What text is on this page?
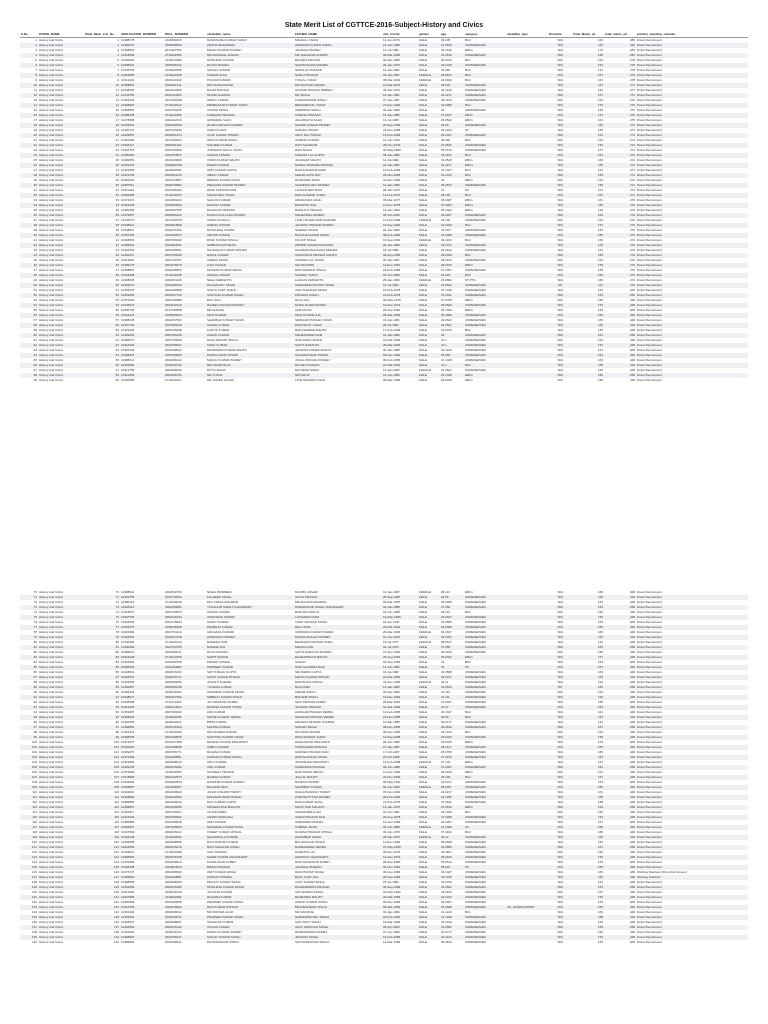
State Merit List of CGTTCE-2016-Subject-History and Civics
S.No	PAPER_NAME	State_Merit_List_No	APPLICATION_NUMBER	ROLL_NUMBER	candidate_name	FATHER_NAME	dob_format	gender	age	category	disability_type	Domicile	Total_Marks_p1	total_marks_p2	primary_teaching_remarks
1	History and Civics	1	10388778	2116030218	RAMASHISH KUMAR YADAV	MAHALLI YADAV	11-Jun-1979	MALE	36.205	BC2		YES	154	286	Direct Recruitment
2	History and Civics	2	10390037	2008188633	PRATIK BHARDWAJ	UPENDRA KUMAR SINGH	16-Jun-1988	MALE	27.6616	UNRESERVED		YES	162	282	Direct Recruitment
3	History and Civics	3	10398862	2014307553	MANOJ KUMAR PANDEY	JAGDISH PANDEY	12-Jul-1982	MALE	33.1616	EBC1		YES	176	282	Direct Recruitment
4	History and Civics	4	10318658	2711022958	MD MANSAAL ANSARI	MD JAHANGIR ANSARI	08-Mar-1986	MALE	25.2616	UNRESERVED		YES	150	282	Direct Recruitment
5	History and Civics	5	10305003	2116010286	MITHLESH KUMAR	BALDEO PRASAD	04-Jan-1985	MALE	30.5224	BC1		YES	154	278	Direct Recruitment
6	History and Civics	6	10388431	2009308133	RAJAN MISHRA	SHATRUGHNA MISHRA	26-Jan-1979	MALE	29.1316	UNRESERVED		YES	152	278	Direct Recruitment
7	History and Civics	7	10345769	2116020358	SANJAY KUMAR	NANDLAL PRASAD	12-Jan-1981	MALE	34.062	BC2		YES	137	278	Direct Recruitment
8	History and Civics	8	10323889	2116020348	KUMARI ALKA	SURAJ PRASAD	25-Jan-1987	FEMALE	28.0617	BC2		YES	157	278	Direct Recruitment
9	History and Civics	9	10311324	2003210432	PUNAM KUMARI	TUKLAL YADAV	08-Mar-1991	FEMALE	24.0923	BC2		YES	151	278	Direct Recruitment
10	History and Civics	10	10358851	2002601141	MD NAJIM AHMAD	MD MAKSUD AHMAD	18-Mar-1976	MALE	38.033	UNRESERVED		YES	164	277	Direct Recruitment
11	History and Civics	11	10348283	2003210453	RAJAT RANJAN	GOVIND PRASAD DERNEY	30-Jan-1979	MALE	33.1126	UNRESERVED		YES	152	277	Direct Recruitment
12	History and Civics	12	10143783	2002703460	MUNIR AHAMAD	MD SINGH	16-Jan-1981	MALE	34.0217	UNRESERVED		YES	157	276	Direct Recruitment
13	History and Civics	13	10303345	2017026238	ABHAY KUMAR	KAMLESHWAR SINGH	07-Jan-1987	MALE	33.1125	UNRESERVED		YES	163	276	Direct Recruitment
14	History and Civics	14	10398351	2711022010	PRABHAKAR KUMAR YADAV	BRAHMDAYAL YADAV	27-Dec-1982	MALE	33.0095	BC2		YES	154	276	Direct Recruitment
15	History and Civics	15	10398653	2002703245	VIKASH SINGH	VIRENDRA SINGH	31-Jan-1983	MALE	33	UNRESERVED		YES	159	276	Direct Recruitment
16	History and Civics	16	10386308	2711020355	KAMLESH PRASAD	SURESH PRASAD	15-Jan-1986	MALE	27.0317	EBC1		YES	137	276	Direct Recruitment
17	History and Civics	17	10278985	2002102019	AWDHESH SAHU	JAGANNATH SAHU	13-Jul-1989	MALE	26.0522	EBC1		YES	161	275	Direct Recruitment
18	History and Civics	18	10339524	2002925549	RAJIEV RANJAN PANDEY	SHASHI KUMAR PANDEY	05-Sep-1982	MALE	33.05	UNRESERVED		YES	159	274	Direct Recruitment
19	History and Civics	19	10300727	2007026938	AMAN KUJUR	SUDHIR ORAON	23-Dec-1986	MALE	29.1224	ST		YES	155	274	Direct Recruitment
20	History and Civics	20	10329657	2008261974	ALOK KUMAR TIWARY	UDAY RAJ TIWARI	13-Feb-1989	MALE	26.1017	UNRESERVED		YES	154	274	Direct Recruitment
21	History and Civics	21	10362366	2017026224	ARUN KUMAR SINGH	GOBIND SUSHILI	13-Jun-1979	MALE	36.062	BC2		YES	164	273	Direct Recruitment
22	History and Civics	22	10306117	2002001021	SANJEEV KUMAR	RAVI SHANKAR	28-Nov-1979	MALE	37.0812	UNRESERVED		YES	156	272	Direct Recruitment
23	History and Civics	23	10302715	2007026950	JITENDRA SINGH YADAV	RAM SINGH	30-May-1980	MALE	35.0712	UNRESERVED		YES	157	272	Direct Recruitment
24	History and Civics	24	10380360	2002703827	ASHISH KUMAR	KISHORI LAL GUPTA	08-Jan-1982	MALE	33.1116	BC2		YES	151	272	Direct Recruitment
25	History and Civics	25	10390853	2016109849	VINOD KUMAR MAHTO	JAGDHAR MAHTO	14-Jul-1982	MALE	33.0518	EBC1		YES	153	272	Direct Recruitment
26	History and Civics	26	10363197	2008182798	PAWAN KUMAR	NAWAL KISHORE PRASAD	02-Jan-1981	MALE	31.1127	EBC1		YES	155	272	Direct Recruitment
27	History and Civics	27	10323569	2116020080	AMIT KUMAR GUPTA	RAGHUNANDAN RAM	13-Feb-1983	MALE	31.1017	BC2		YES	151	271	Direct Recruitment
28	History and Civics	28	10319736	2004504210	ABHAY KUMAR	KEDAR NATH RAY	26-Nov-1986	MALE	31.1014	BC2		YES	155	271	Direct Recruitment
29	History and Civics	29	10352420	2002434897	DEEPAK KUMAR RANA	RAJENDRA RANA	31-Dec-1983	MALE	30	EBC1		YES	143	272	Direct Recruitment
30	History and Civics	30	10387811	2002015852	PRAKASH KUMAR PANDEY	CHANDRA DEV PANDEY	14-Jan-1989	MALE	26.0617	UNRESERVED		YES	158	271	Direct Recruitment
31	History and Civics	31	10311444	2007006384	RISHI KAPOOR RAM	LAKHAN DEO RAM	05-Jan-1975	MALE	31	SC		YES	161	271	Direct Recruitment
32	History and Civics	32	10366658	2711022610	MANNI DEO YADAV	RAM SUNDAR YADAV	12-Feb-1976	MALE	39.102	BC2		YES	162	271	Direct Recruitment
33	History and Civics	33	10372616	2004350203	SHALINI KUMARI	HIRANANDA SAHU	05-Mar-1977	MALE	38.0907	EBC1		YES	151	270	Direct Recruitment
34	History and Civics	34	10352028	2008184696	BASANT KUMAR	BAIJNATH SAH	13-Dec-1978	MALE	37.0003	EBC1		YES	155	270	Direct Recruitment
35	History and Civics	35	10380282	2002007525	RAVIKANT PRASAD	RAMLALU PRASAD	19-Jan-1990	MALE	25.1022	EBC1		YES	169	270	Direct Recruitment
36	History and Civics	36	10375057	2008286403	PANKAJ KALLASH PANDEY	MAHENDRA PANDEY	05-Oct-1980	MALE	35.0227	UNRESERVED		YES	154	270	Direct Recruitment
37	History and Civics	37	10344370	2017026678	SANDHYA BALA	LATE TRIVENI RAM SHARMA	12-Feb-1989	FEMALE	26.103	UNRESERVED		YES	153	270	Direct Recruitment
38	History and Civics	38	10338612	2003204808	HARISH KUMAR	JAGDISH PRASAD PANDEY	19-Sep-1981	MALE	34.0429	BC2		YES	151	270	Direct Recruitment
39	History and Civics	39	10348811	2002015190	MITHILESH KUMAR	SAHDEO SINGH	26-Jan-1980	MALE	33.1117	UNRESERVED		YES	159	270	Direct Recruitment
40	History and Civics	40	10307092	2002408973	ARVIND KUMAR	BACHHA KUMAR SINHA	08-Feb-1982	MALE	33.0306	UNRESERVED		YES	155	270	Direct Recruitment
41	History and Civics	41	10368656	2007026930	RINKI KUMARI SINGH	KULDIP SINGH	16-Sep-1990	FEMALE	32.1109	BC2		YES	154	270	Direct Recruitment
42	History and Civics	42	10389901	2002004931	SUBRATA DAYARAM	PRABIR KUMAR DAYARAM	06-Jan-1986	MALE	29.1317	UNRESERVED		YES	149	270	Direct Recruitment
43	History and Civics	43	10392593	2002108051	NAYEUNJA KUMAR MISHRA	CHANDRA BHUSHAN MISHRA	18-Jul-1986	MALE	29.0122	UNRESERVED		YES	151	270	Direct Recruitment
44	History and Civics	44	10306417	2007026918	RAHUL KUMAR	SUMANNAN PRASAD MAHTO	09-Aug-1986	MALE	29.0429	BC2		YES	165	270	Direct Recruitment
45	History and Civics	45	10319963	2002729797	UMESH SINGH	SUNDER LAL SINGH	20-Jan-1987	MALE	28.0012	UNRESERVED		YES	153	270	Direct Recruitment
46	History and Civics	46	10389175	2002415676	AJAY KUMAR	SHYAM MODI	11-Dec-1987	MALE	28.0015	EBC1		YES	159	270	Direct Recruitment
47	History and Civics	47	10398801	2002408953	MUKESH KUMAR SINGH	RAM SWARUP SINGH	24-Feb-1988	MALE	27.1007	UNRESERVED		YES	158	270	Direct Recruitment
48	History and Civics	48	10334808	2711022038	ASHISH KUMAR	SAHDEV YADAV	02-Oct-1989	MALE	26.023	BC2		YES	166	270	Direct Recruitment
49	History and Civics	49	10338845	2003204246	NEHA KERKETTA	LARAUS KERKETTA	28-Jan-1993	FEMALE	23.0804	ST PTG		YES	156	270	Direct Recruitment
50	History and Civics	50	10366070	2002408763	DHANANJAY SINGH	SURENDRA PRATAP SINGH	10-Jul-1991	MALE	24.0522	UNRESERVED		NO	167	270	Direct Recruitment
51	History and Civics	51	10356470	2002408958	SURYA KANT SINGH	UMA SHANKAR SINGH	16-Feb-1978	MALE	37.1016	UNRESERVED		YES	152	269	Direct Recruitment
52	History and Civics	52	10362055	2002407723	SANTOSH KUMAR SINGH	KRISHNA SINGH	21-Feb-1978	MALE	37.1011	UNRESERVED		YES	154	268	Direct Recruitment
53	History and Civics	53	10379432	2002108988	BALI SAH	RAJA SAH	06-May-1978	MALE	37.0708	EBC1		YES	158	268	Direct Recruitment
54	History and Civics	54	10349973	2004032319	RAJEEV RANJAN PANDEY	MURLI DHAR PANDEY	10-Dec-1979	MALE	36.0502	UNRESERVED		YES	153	268	Direct Recruitment
55	History and Civics	55	10380792	2017025858	MD SHAHID	AZIZ MIYAN	09-Sep-1981	MALE	35.1029	EBC1		YES	159	268	Direct Recruitment
56	History and Civics	56	10334416	2008183024	DILIP KUMAR	DILIP KUMAR JHA	28-Mar-1983	MALE	35.3006	UNRESERVED		YES	166	268	Direct Recruitment
57	History and Civics	57	10388235	2002057826	SHAMBHU KUMAR YADAV	SRIDHAR PRASAD YADAV	16-Jun-1981	MALE	33.0622	UNRESERVED		YES	153	268	Direct Recruitment
58	History and Civics	58	10307730	2007026018	SUSHIL KUMAR	RAM PALAT YADAV	06-Jul-1981	MALE	33.0527	UNRESERVED		YES	160	268	Direct Recruitment
59	History and Civics	59	10303493	2001225298	KARTIK KUMAR	RAM NARESH MAHTO	17-Feb-1983	MALE	32.0315	BC2		YES	165	268	Direct Recruitment
60	History and Civics	60	10399653	2007026248	ASHOK KUMAR	MAHESHWAR RAM	16-Jan-1983	MALE	33	UNRESERVED		YES	151	268	Direct Recruitment
61	History and Civics	61	10388137	2007726528	RANA PRATAP SINGH	SURYADEO SINGH	01-Mar-1984	MALE	31.1	UNRESERVED		YES	163	268	Direct Recruitment
62	History and Civics	62	10316290	2002408021	SUNIL KUMAR	SATYA NARAYAN	26-Mar-1984	MALE	31.1	UNRESERVED		YES	152	268	Direct Recruitment
63	History and Civics	63	10306102	2002408912	DEVENDRA KUMAR MAHTO	JAGDISH KUMAR MAHTO	30-Jan-1985	MALE	30.1128	UNRESERVED		YES	151	268	Direct Recruitment
64	History and Civics	64	10308976	2007026903	PANKAJ MANI TIWARI	SACHIDANAND TIWARI	03-Dec-1984	MALE	32.003	UNRESERVED		YES	164	268	Direct Recruitment
65	History and Civics	65	10388212	2002408142	MANOJ KUMAR PANDEY	JUGAL PRASAD PANDEY	09-Feb-1985	MALE	31.1028	UNRESERVED		YES	153	268	Direct Recruitment
66	History and Civics	66	10304082	2002015732	MD NADIM RAJA	MD REYAJUDDIN	01-Mar-1984	MALE	31.1	BC2		YES	158	268	Direct Recruitment
67	History and Civics	67	10311768	2002408150	DIVYA SINHA	RATNESH SINHA	11-Jan-1986	FEMALE	31.0621	UNRESERVED		YES	156	268	Direct Recruitment
68	History and Civics	68	10310963	2002408736	MD YUSUF	MD FIROZ	16-Jun-1986	MALE	29.1028	EBC1		YES	168	268	Direct Recruitment
69	History and Civics	69	10306585	2711020410	MD JAWED KALAM	LATE MOOMIN KHAN	06-Mar-1986	MALE	29.0328	EBC1		YES	168	268	Direct Recruitment
70	History and Civics	70	10388961	2002610726	NISHA PARWEEN	MUJIBU ANSARI	10-Jan-1987	FEMALE	28.113	EBC1		YES	168	268	Direct Recruitment
71	History and Civics	71	10394755	2002715810	KULDEEP SINGH	SATJU PRASAD	05-Sep-1987	MALE	28.05	UNRESERVED		YES	158	268	Direct Recruitment
72	History and Civics	72	10380119	2713010218	MD I FRUKH RAHMAN	MD AFUZUR RAHMAN	06-Mar-1987	MALE	28.0328	UNRESERVED		YES	153	268	Direct Recruitment
73	History and Civics	73	10328113	2002108051	YUNANUM SINGH CHAUDHARY	PARMANAND SINGH CHAUDHARY	02-Jan-1988	MALE	27.082	UNRESERVED		YES	153	268	Direct Recruitment
74	History and Civics	74	10318327	2007026879	ASHISH KUMAR	BUDHAN MAHTO	18-Jun-1988	MALE	28.112	BC2		YES	156	268	Direct Recruitment
75	History and Civics	75	10307545	2002015734	HIMANSHU KUMAR	LAKSHMAN RAM	19-May-1989	MALE	26.0917	UNRESERVED		YES	156	268	Direct Recruitment
76	History and Civics	76	10304935	2002715810	SADAY KUMAR	VINAY PRASAD SINGH	16-Apr-1991	MALE	24.0808	UNRESERVED		YES	163	268	Direct Recruitment
77	History and Civics	77	10353570	2002015498	PRABHAT KUMAR	BALU RAM	29-Mar-1992	MALE	23.0405	UNRESERVED		YES	159	268	Direct Recruitment
78	History and Civics	78	10325484	2002704413	ARCHANA KUMARI	UPENDRA KUMAR PANDEY	20-Mar-1990	FEMALE	31.0917	UNRESERVED		YES	160	268	Direct Recruitment
79	History and Civics	79	10326957	2002407428	HIMKRANT PANDEY	MADAN MOHAN PANDEY	10-Jun-1978	MALE	39.1323	UNRESERVED		YES	162	268	Direct Recruitment
80	History and Civics	80	10346384	2713020143	RAMESH RAM	BHAGWAN PRASAD SHAH	19-Jul-1977	FEMALE	38.0517	UNRESERVED		YES	162	268	Direct Recruitment
81	History and Civics	81	10390082	2002703768	RAKESH RAI	MANGLA RAI	02-Jul-1976	MALE	37.055	UNRESERVED		YES	156	268	Direct Recruitment
82	History and Civics	82	10389213	2002408211	RAJIV PANDEY	SATYA NARAYAN PANDEY	21-Sep-1980	MALE	35.0916	UNRESERVED		YES	158	268	Direct Recruitment
83	History and Civics	83	10319209	2713010258	SUMIT KUMAR	DHARAMNATH MAHTO	25-Aug-1983	MALE	35.0422	EBC1		YES	157	268	Direct Recruitment
84	History and Civics	84	10367863	2002408768	PRADIP KUMAR	SAHOO	03-Sep-1983	MALE	33	BC2		YES	163	268	Direct Recruitment
85	History and Civics	85	10388153	2002103802	PRADEEP KUMAR	RAM CHANDRA RAM	14-Jun-1981	MALE	34	SC		YES	157	268	Direct Recruitment
86	History and Civics	86	10328061	2002015152	SATYA BHAN GUPTA	SRI NIWAS GUPTA	16-Jul-1982	MALE	33.0508	UNRESERVED		YES	153	268	Direct Recruitment
87	History and Civics	87	10328137	2002015747	SUMIT KUMAR PATHAK	MANOJ KUMAR PATHAK	23-Mar-1982	MALE	33.0317	UNRESERVED		YES	153	268	Direct Recruitment
88	History and Civics	88	10369925	2002505650	JAYANTI KUMARI	RAM BUJUH SINGH	31-Dec-1983	FEMALE	32.11	UNRESERVED		YES	164	268	Direct Recruitment
89	History and Civics	89	10330867	2008186048	YOGESH KUMAR	RAJA RAM	13-Jan-1983	MALE	32.0523	UNRESERVED		NO	166	268	Direct Recruitment
90	History and Civics	90	10355134	2002015294	AWDHESH KUMAR SINGH	KEDAR SINGH	20-Jan-1984	MALE	31.112	UNRESERVED		YES	153	268	Direct Recruitment
91	History and Civics	91	10348677	2002407990	NIRBHAY KUMAR SINGH	BATHAM SINGH	19-Dec-1982	MALE	31.111	UNRESERVED		YES	160	268	Direct Recruitment
92	History and Civics	92	10305998	2711010430	JAY PRAKASH DUBEY	SHIV PRASAD DUBEY	05-Mar-1984	MALE	31.0927	UNRESERVED		YES	155	268	Direct Recruitment
93	History and Civics	93	10316226	2002014923	RAKESH KUMAR YADAV	JAGDISH PRASAD	01-Mar-1984	MALE	31.07	UNRESERVED		YES	154	268	Direct Recruitment
94	History and Civics	94	10369957	2007026630	ANIL KUMAR	HARIHAR PRASAD VERMA	13-Feb-1985	MALE	30.1017	BC2		YES	161	268	Direct Recruitment
95	History and Civics	95	10308933	2116030255	SATISH KUMAR VERMA	SHANKAR PRASAD VERMA	15-Nov-1985	MALE	30.08	BC2		YES	164	268	Direct Recruitment
96	History and Civics	96	10360655	2116020231	BIPIN KUMAR	KRISHNA MURARI SHARMA	10-Jan-1985	MALE	30.0717	UNRESERVED		YES	164	268	Direct Recruitment
97	History and Civics	97	10308991	2002015104	MANISH KUMAR	SUDHIR SINGH	08-Dec-1985	MALE	30.0616	UNRESERVED		YES	157	268	Direct Recruitment
98	History and Civics	98	10329113	2713010190	MD NAYEEM ANSARI	MD IDRIS ANSARI	09-Dec-1985	MALE	29.1222	BC1		YES	153	268	Direct Recruitment
99	History and Civics	99	10398453	2002228875	SANTOSH KUMAR YADAV	RAM NANDAN YADAV	13-Sep-1986	MALE	29.0322	UNRESERVED		YES	158	268	Direct Recruitment
100	History and Civics	100	10373007	2002107289	RAKESH KUMAR PRAJAPATI	DASHARATH PRAJAPATI	08-Jun-1986	MALE	29.0016	EBC1		YES	154	268	Direct Recruitment
101	History and Civics	101	10330019	2002408508	AMBUJ KUMAR	TAPESHWAR PRASAD	27-Jan-1987	MALE	28.1127	UNRESERVED		YES	155	268	Direct Recruitment
102	History and Civics	102	10369257	2002706771	RAJESH KUMAR	RAMDEV PRASAD RAM	17-Oct-1987	MALE	28.0709	UNRESERVED		YES	165	268	Direct Recruitment
103	History and Civics	103	10379182	2002408551	KUNDAN KUMAR SINGH	RAM SHANKAR SINGH	23-Oct-1988	MALE	27.1105	UNRESERVED		YES	154	268	Direct Recruitment
104	History and Civics	104	10319982	2002408015	ANUJ KUMAR	JANKISHAN PRAJAPATI	12-Feb-1988	FEMALE	27.103	EBC1		YES	157	268	Direct Recruitment
105	History and Civics	105	10359105	2002015292	ANIL KUMAR	SURENDRA PRASAD	09-Jun-1988	MALE	27.0327	UNRESERVED		YES	164	268	Direct Recruitment
106	History and Civics	106	10379999	2116030355	NAVNEET PRASAD	RAM SAVAN MEHTA	13-Dec-1989	MALE	26.0919	EBC1		YES	161	268	Direct Recruitment
107	History and Civics	107	10378865	2002102879	RAJESH KUMAR	JHULAL MAHTO	22-Nov-1989	MALE	25.102	BC2		YES	167	268	Direct Recruitment
108	History and Civics	108	10334893	2008182819	RANDHIR KUMAR PANDEY	RAJESH PANDEY	05-May-1991	MALE	24.0727	UNRESERVED		YES	153	268	Direct Recruitment
109	History and Civics	109	10308887	2002408107	BALADHI DEVI	SHAMBHU KUMAR	03-Jun-1990	FEMALE	25.0307	UNRESERVED		YES	159	268	Direct Recruitment
110	History and Civics	110	10302822	2002408940	JANAK KISHOR TIWARY	RAGHUNANDAN TIWARY	07-Nov-1990	MALE	24.0217	UNRESERVED		YES	151	268	Direct Recruitment
111	History and Civics	111	10308890	2002010262	MANISHKUMAR PANDEY	PURUSHOTTAM PANDEY	03-Feb-1992	MALE	23.1025	UNRESERVED		YES	158	268	Direct Recruitment
112	History and Civics	112	10385882	2002408440	RAVI KUMAR GUPTA	RAM KUMAR SHAH	21-Feb-1978	MALE	37.0911	UNRESERVED		YES	158	268	Direct Recruitment
113	History and Civics	113	10308807	2002408060	KRISHNA PAD MAHATO	MANTI PAD MAHATO	13-Jan-1978	MALE	37.0619	EBC1		YES	154	268	Direct Recruitment
114	History and Civics	114	10325317	2007026817	CHAND BABU	SHAMSHER ALAM	03-Jun-1981	MALE	34.1026	BC1		YES	165	268	Direct Recruitment
115	History and Civics	115	10315343	2002108252	ANAND PRAKASH	YADAV PRASAD SAH	26-Sep-1978	MALE	37.0208	UNRESERVED		YES	153	268	Direct Recruitment
116	History and Civics	116	10380880	2002408618	AMIT KUMAR	HARINDER PANDEY	14-Nov-1983	MALE	32.0207	UNRESERVED		YES	167	268	Direct Recruitment
117	History and Civics	117	10398327	2007026603	MUDHESH KUMAR DASS	GABRIEL DASS	20-Jun-1989	FEMALE	27.0306	SC		YES	158	268	Direct Recruitment
118	History and Civics	118	10307599	2002015012	VINEET KUMAR UPPAAL	RAJESH PRASAD UPPAAL	03-Jun-1978	MALE	37.0012	BC2		YES	158	268	Direct Recruitment
119	History and Civics	119	10326249	2116020260	SHASHIKALA KUMARI	DIGAMBAR SINGH	28-Jan-1979	FEMALE	36.12	UNRESERVED		YES	156	268	Direct Recruitment
120	History and Civics	120	10396958	2002408508	RAVI RANJAN KUMAR	BAL MUKUND SINGH	11-Dec-1980	MALE	35.0928	UNRESERVED		YES	165	268	Direct Recruitment
121	History and Civics	121	10301800	2002015010	RAVI SHANKAR SINGH	RAMESHWAR VERMA	07-May-1983	MALE	32.0805	UNRESERVED		YES	167	268	Direct Recruitment
122	History and Civics	122	10309031	2713020188	SHIV MANDAL	DASRATH LAL	05-Dec-1979	MALE	36.0827	UNRESERVED		YES	160	268	Direct Recruitment
123	History and Civics	123	10396553	2002015768	NADIR KUMAR CHAUDHARY	ASHWANI CHAUDHARY	14-Dec-1979	MALE	35.0916	UNRESERVED		YES	156	268	Direct Recruitment
124	History and Civics	124	10370082	2002408913	KAMALAKAR DUBEY	RAM ADHANKAR DUBEY	08-Sep-1980	MALE	35.0524	UNRESERVED		YES	153	268	Direct Recruitment
125	History and Civics	125	10308185	2004504513	BINOD PASWAN	JAGDISH PASWAN	05-Nov-1981	MALE	35.022	SC		YES	158	268	Direct Recruitment
126	History and Civics	126	10376727	2002408060	AMIT KUMAR SINGH	RAM PRATAP SINGH	30-Nov-1983	MALE	34.1027	UNRESERVED		YES	153	268	Working Teachers Direct Recruitment
127	History and Civics	127	10369891	2002408851	KUNDAN MISHRA	BIJAY KANT JHA	05-Sep-1982	MALE	33.1015	UNRESERVED		YES	150	268	Working Teachers
128	History and Civics	128	10388658	2002408150	PRANAY KUMAR SINHA	VIJAY KUMAR SINHA	25-Jul-1982	MALE	33.0703	UNRESERVED		YES	151	268	Direct Recruitment
129	History and Civics	129	10334590	2002015183	MITHLESH KUMAR SINGH	DHARMENDRA PRASAD	03-Sep-1982	MALE	33.0621	UNRESERVED		YES	153	268	Direct Recruitment
130	History and Civics	130	10319935	2002015130	JAYNATH KUMAR	SATYENDRA SINGH	03-May-1982	MALE	33.0616	UNRESERVED		YES	157	268	Direct Recruitment
131	History and Civics	131	10327889	2116020362	RAJNISH KUMAR	RAJENDRA MAHTO	20-Mar-1983	MALE	32.1012	UNRESERVED		YES	155	268	Direct Recruitment
132	History and Civics	132	10300849	2002408055	PRADEEP KUMAR SINGH	ASHOK KUMAR SINGH	06-Dec-1983	MALE	32.0907	UNRESERVED		YES	153	268	Direct Recruitment
133	History and Civics	133	10316759	2002015803	RAVI KUMAR RANJAN	BHUNESHWAR SINGH	08-Mar-1983	MALE	32.0926	UNRESERVED	CP_HANDICAPPED	YES	158	268	Direct Recruitment
134	History and Civics	134	10393102	2002408012	MD PARVEZ ALAM	MD SAFIQUE	02-Jan-1984	MALE	31.1129	BC1		YES	154	268	Direct Recruitment
135	History and Civics	135	10333691	2002015072	PRADEEP KUMAR SINGH	NARENDRA DEV SINGH	18-Feb-1984	MALE	31.1028	UNRESERVED		YES	158	268	Direct Recruitment
136	History and Civics	136	10308947	2002408067	SONAKAR KUMAR	SHIV DATT SINGH	15-Mar-1984	MALE	31.0916	UNRESERVED		YES	156	268	Direct Recruitment
137	History and Civics	137	10304583	2002015143	VIKASH KUMAR	UDAY NARAYAN SINGH	05-Apr-1984	MALE	31.0902	UNRESERVED		YES	153	268	Direct Recruitment
138	History and Civics	138	10326932	2002015132	PAWAN KUMAR PANDEY	RAMESHWAR PANDEY	07-Jun-1984	MALE	31.0717	UNRESERVED		YES	160	268	Direct Recruitment
139	History and Civics	139	10308953	2002408147	SANJAY KUMAR SINGH	JAGDISH SINGH	13-Feb-1985	MALE	30.1126	UNRESERVED		YES	154	268	Direct Recruitment
140	History and Civics	140	10386820	2002408511	RAVISHANKAR SINGH	SATYANARAYAN SINGH	12-Mar-1985	MALE	30.0812	UNRESERVED		YES	156	268	Direct Recruitment
